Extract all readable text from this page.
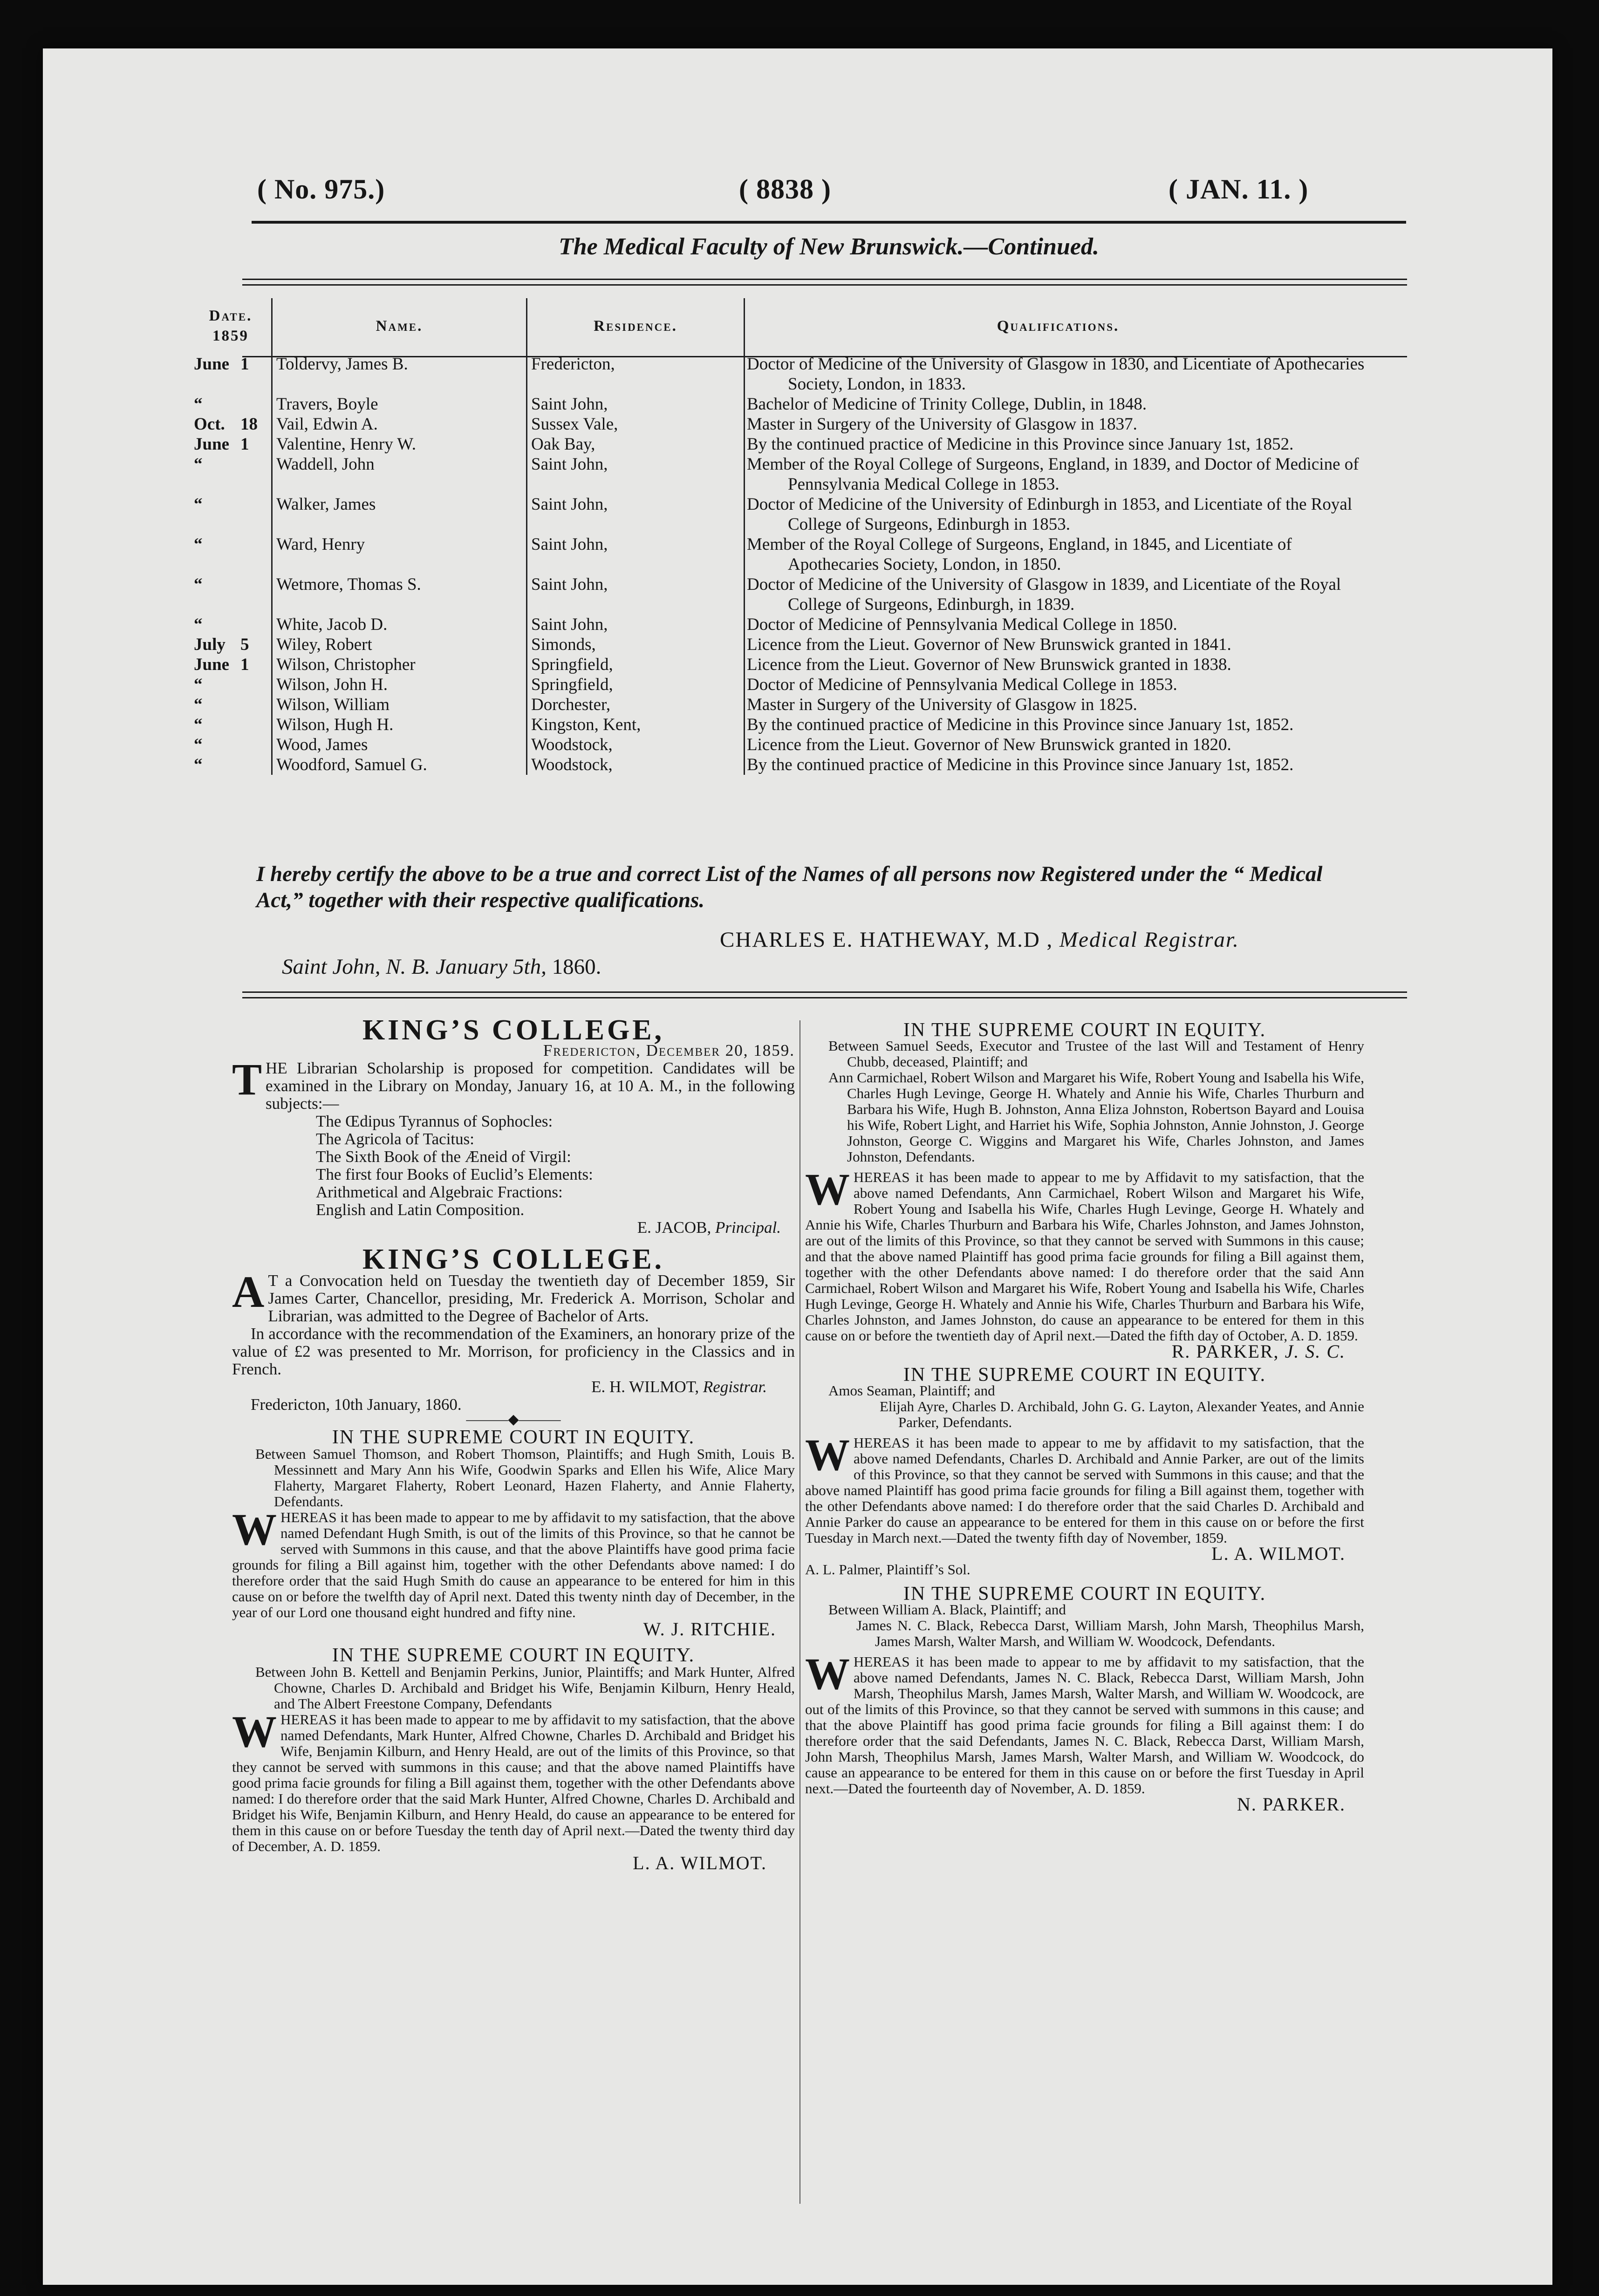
( No. 975.)	( 8838 )	( JAN. 11. )
The Medical Faculty of New Brunswick.—Continued.
Date. 1859	Name.	Residence.	Qualifications.
June 1	Toldervy, James B.	Fredericton,	Doctor of Medicine of the University of Glasgow in 1830, and Licentiate of Apothecaries Society, London, in 1833.
“	Travers, Boyle	Saint John,	Bachelor of Medicine of Trinity College, Dublin, in 1848.
Oct. 18	Vail, Edwin A.	Sussex Vale,	Master in Surgery of the University of Glasgow in 1837.
June 1	Valentine, Henry W.	Oak Bay,	By the continued practice of Medicine in this Province since January 1st, 1852.
“	Waddell, John	Saint John,	Member of the Royal College of Surgeons, England, in 1839, and Doctor of Medicine of Pennsylvania Medical College in 1853.
“	Walker, James	Saint John,	Doctor of Medicine of the University of Edinburgh in 1853, and Licentiate of the Royal College of Surgeons, Edinburgh in 1853.
“	Ward, Henry	Saint John,	Member of the Royal College of Surgeons, England, in 1845, and Licentiate of Apothecaries Society, London, in 1850.
“	Wetmore, Thomas S.	Saint John,	Doctor of Medicine of the University of Glasgow in 1839, and Licentiate of the Royal College of Surgeons, Edinburgh, in 1839.
“	White, Jacob D.	Saint John,	Doctor of Medicine of Pennsylvania Medical College in 1850.
July 5	Wiley, Robert	Simonds,	Licence from the Lieut. Governor of New Brunswick granted in 1841.
June 1	Wilson, Christopher	Springfield,	Licence from the Lieut. Governor of New Brunswick granted in 1838.
“	Wilson, John H.	Springfield,	Doctor of Medicine of Pennsylvania Medical College in 1853.
“	Wilson, William	Dorchester,	Master in Surgery of the University of Glasgow in 1825.
“	Wilson, Hugh H.	Kingston, Kent,	By the continued practice of Medicine in this Province since January 1st, 1852.
“	Wood, James	Woodstock,	Licence from the Lieut. Governor of New Brunswick granted in 1820.
“	Woodford, Samuel G.	Woodstock,	By the continued practice of Medicine in this Province since January 1st, 1852.
I hereby certify the above to be a true and correct List of the Names of all persons now Registered under the “ Medical Act,” together with their respective qualifications.
CHARLES E. HATHEWAY, M.D , Medical Registrar.
Saint John, N. B. January 5th, 1860.
KING’S COLLEGE,
Fredericton, December 20, 1859.

THE Librarian Scholarship is proposed for competition. Candidates will be examined in the Library on Monday, January 16, at 10 A. M., in the following subjects:—

The Œdipus Tyrannus of Sophocles:
The Agricola of Tacitus:
The Sixth Book of the Æneid of Virgil:
The first four Books of Euclid’s Elements:
Arithmetical and Algebraic Fractions:
English and Latin Composition.
E. JACOB, Principal.
KING’S COLLEGE.

A T a Convocation held on Tuesday the twentieth day of December 1859, Sir James Carter, Chancellor, presiding, Mr. Frederick A. Morrison, Scholar and Librarian, was admitted to the Degree of Bachelor of Arts.

In accordance with the recommendation of the Examiners, an honorary prize of the value of £2 was presented to Mr. Morrison, for proficiency in the Classics and in French.

E. H. WILMOT, Registrar.
Fredericton, 10th January, 1860.
———◆———
IN THE SUPREME COURT IN EQUITY.

Between Samuel Thomson, and Robert Thomson, Plaintiffs; and Hugh Smith, Louis B. Messinnett and Mary Ann his Wife, Goodwin Sparks and Ellen his Wife, Alice Mary Flaherty, Margaret Flaherty, Robert Leonard, Hazen Flaherty, and Annie Flaherty, Defendants.

WHEREAS it has been made to appear to me by affidavit to my satisfaction, that the above named Defendant Hugh Smith, is out of the limits of this Province, so that he cannot be served with Summons in this cause, and that the above Plaintiffs have good prima facie grounds for filing a Bill against him, together with the other Defendants above named: I do therefore order that the said Hugh Smith do cause an appearance to be entered for him in this cause on or before the twelfth day of April next. Dated this twenty ninth day of December, in the year of our Lord one thousand eight hundred and fifty nine.

W. J. RITCHIE.
IN THE SUPREME COURT IN EQUITY.

Between John B. Kettell and Benjamin Perkins, Junior, Plaintiffs; and Mark Hunter, Alfred Chowne, Charles D. Archibald and Bridget his Wife, Benjamin Kilburn, Henry Heald, and The Albert Freestone Company, Defendants

WHEREAS it has been made to appear to me by affidavit to my satisfaction, that the above named Defendants, Mark Hunter, Alfred Chowne, Charles D. Archibald and Bridget his Wife, Benjamin Kilburn, and Henry Heald, are out of the limits of this Province, so that they cannot be served with summons in this cause; and that the above named Plaintiffs have good prima facie grounds for filing a Bill against them, together with the other Defendants above named: I do therefore order that the said Mark Hunter, Alfred Chowne, Charles D. Archibald and Bridget his Wife, Benjamin Kilburn, and Henry Heald, do cause an appearance to be entered for them in this cause on or before Tuesday the tenth day of April next.—Dated the twenty third day of December, A. D. 1859.

L. A. WILMOT.
IN THE SUPREME COURT IN EQUITY.

Between Samuel Seeds, Executor and Trustee of the last Will and Testament of Henry Chubb, deceased, Plaintiff; and

Ann Carmichael, Robert Wilson and Margaret his Wife, Robert Young and Isabella his Wife, Charles Hugh Levinge, George H. Whately and Annie his Wife, Charles Thurburn and Barbara his Wife, Hugh B. Johnston, Anna Eliza Johnston, Robertson Bayard and Louisa his Wife, Robert Light, and Harriet his Wife, Sophia Johnston, Annie Johnston, J. George Johnston, George C. Wiggins and Margaret his Wife, Charles Johnston, and James Johnston, Defendants.

WHEREAS it has been made to appear to me by Affidavit to my satisfaction, that the above named Defendants, Ann Carmichael, Robert Wilson and Margaret his Wife, Robert Young and Isabella his Wife, Charles Hugh Levinge, George H. Whately and Annie his Wife, Charles Thurburn and Barbara his Wife, Charles Johnston, and James Johnston, are out of the limits of this Province, so that they cannot be served with Summons in this cause; and that the above named Plaintiff has good prima facie grounds for filing a Bill against them, together with the other Defendants above named: I do therefore order that the said Ann Carmichael, Robert Wilson and Margaret his Wife, Robert Young and Isabella his Wife, Charles Hugh Levinge, George H. Whately and Annie his Wife, Charles Thurburn and Barbara his Wife, Charles Johnston, and James Johnston, do cause an appearance to be entered for them in this cause on or before the twentieth day of April next.—Dated the fifth day of October, A. D. 1859.

R. PARKER, J. S. C.
IN THE SUPREME COURT IN EQUITY.

Amos Seaman, Plaintiff; and

Elijah Ayre, Charles D. Archibald, John G. G. Layton, Alexander Yeates, and Annie Parker, Defendants.

WHEREAS it has been made to appear to me by affidavit to my satisfaction, that the above named Defendants, Charles D. Archibald and Annie Parker, are out of the limits of this Province, so that they cannot be served with Summons in this cause; and that the above named Plaintiff has good prima facie grounds for filing a Bill against them, together with the other Defendants above named: I do therefore order that the said Charles D. Archibald and Annie Parker do cause an appearance to be entered for them in this cause on or before the first Tuesday in March next.—Dated the twenty fifth day of November, 1859.

L. A. WILMOT.
A. L. Palmer, Plaintiff’s Sol.
IN THE SUPREME COURT IN EQUITY.

Between William A. Black, Plaintiff; and

James N. C. Black, Rebecca Darst, William Marsh, John Marsh, Theophilus Marsh, James Marsh, Walter Marsh, and William W. Woodcock, Defendants.

WHEREAS it has been made to appear to me by affidavit to my satisfaction, that the above named Defendants, James N. C. Black, Rebecca Darst, William Marsh, John Marsh, Theophilus Marsh, James Marsh, Walter Marsh, and William W. Woodcock, are out of the limits of this Province, so that they cannot be served with summons in this cause; and that the above Plaintiff has good prima facie grounds for filing a Bill against them: I do therefore order that the said Defendants, James N. C. Black, Rebecca Darst, William Marsh, John Marsh, Theophilus Marsh, James Marsh, Walter Marsh, and William W. Woodcock, do cause an appearance to be entered for them in this cause on or before the first Tuesday in April next.—Dated the fourteenth day of November, A. D. 1859.

N. PARKER.
